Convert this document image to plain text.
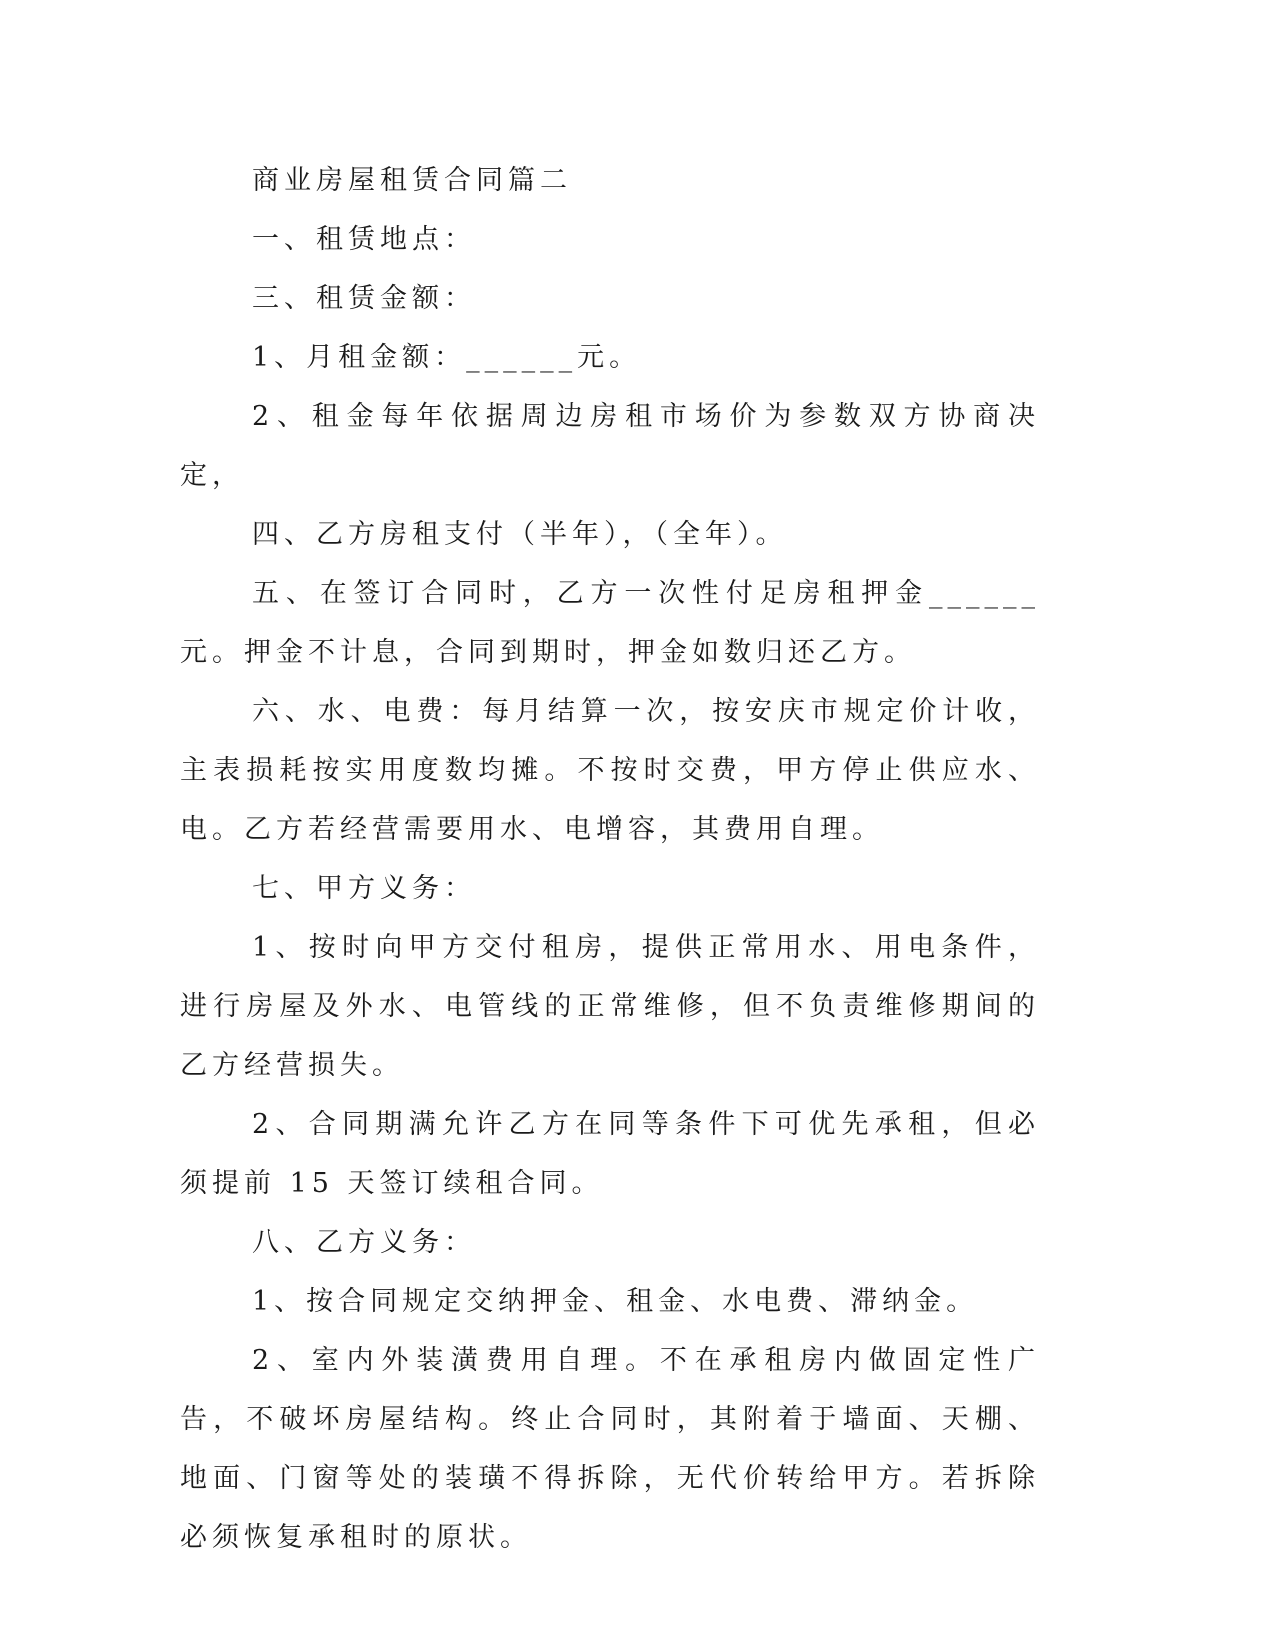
商业房屋租赁合同篇二

一、租赁地点：

三、租赁金额：

1、月租金额：______元。

2、租金每年依据周边房租市场价为参数双方协商决定，

四、乙方房租支付（半年），（全年）。

五、在签订合同时，乙方一次性付足房租押金______元。押金不计息，合同到期时，押金如数归还乙方。

六、水、电费：每月结算一次，按安庆市规定价计收，主表损耗按实用度数均摊。不按时交费，甲方停止供应水、电。乙方若经营需要用水、电增容，其费用自理。

七、甲方义务：

1、按时向甲方交付租房，提供正常用水、用电条件，进行房屋及外水、电管线的正常维修，但不负责维修期间的乙方经营损失。

2、合同期满允许乙方在同等条件下可优先承租，但必须提前 15 天签订续租合同。

八、乙方义务：

1、按合同规定交纳押金、租金、水电费、滞纳金。

2、室内外装潢费用自理。不在承租房内做固定性广告，不破坏房屋结构。终止合同时，其附着于墙面、天棚、地面、门窗等处的装璜不得拆除，无代价转给甲方。若拆除必须恢复承租时的原状。
